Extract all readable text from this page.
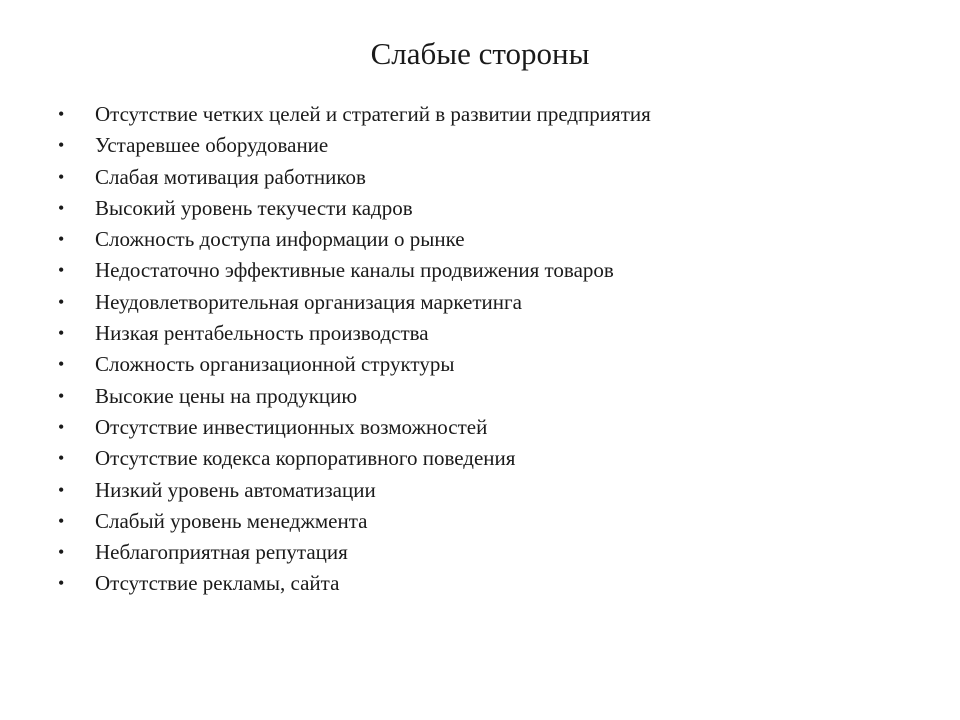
Слабые стороны
•	Отсутствие четких целей и стратегий в развитии предприятия
•	Устаревшее оборудование
•	Слабая мотивация работников
•	Высокий уровень текучести кадров
•	Сложность доступа информации о рынке
•	Недостаточно эффективные каналы продвижения товаров
•	Неудовлетворительная организация маркетинга
•	Низкая рентабельность производства
•	Сложность организационной структуры
•	Высокие цены на продукцию
•	Отсутствие инвестиционных возможностей
•	Отсутствие кодекса корпоративного поведения
•	Низкий уровень автоматизации
•	Слабый уровень менеджмента
•	Неблагоприятная репутация
•	Отсутствие рекламы, сайта
